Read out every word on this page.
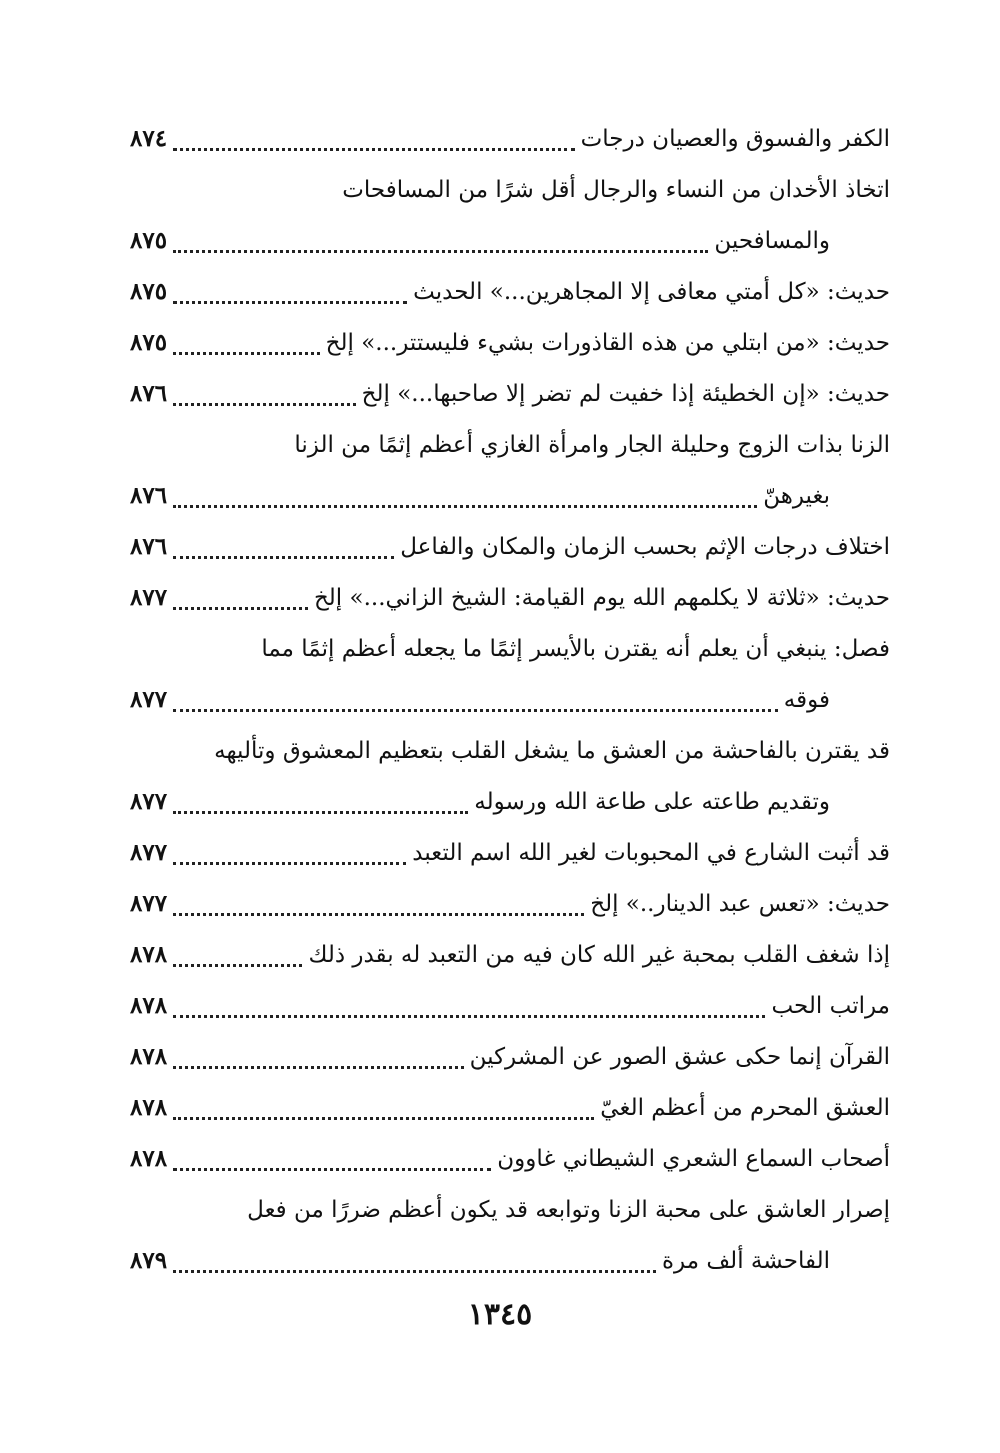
الكفر والفسوق والعصيان درجات
٨٧٤
اتخاذ الأخدان من النساء والرجال أقل شرًا من المسافحات
والمسافحين
٨٧٥
حديث: «كل أمتي معافى إلا المجاهرين...» الحديث
٨٧٥
حديث: «من ابتلي من هذه القاذورات بشيء فليستتر...» إلخ
٨٧٥
حديث: «إن الخطيئة إذا خفيت لم تضر إلا صاحبها...» إلخ
٨٧٦
الزنا بذات الزوج وحليلة الجار وامرأة الغازي أعظم إثمًا من الزنا
بغيرهنّ
٨٧٦
اختلاف درجات الإثم بحسب الزمان والمكان والفاعل
٨٧٦
حديث: «ثلاثة لا يكلمهم الله يوم القيامة: الشيخ الزاني...» إلخ
٨٧٧
فصل: ينبغي أن يعلم أنه يقترن بالأيسر إثمًا ما يجعله أعظم إثمًا مما
فوقه
٨٧٧
قد يقترن بالفاحشة من العشق ما يشغل القلب بتعظيم المعشوق وتأليهه
وتقديم طاعته على طاعة الله ورسوله
٨٧٧
قد أثبت الشارع في المحبوبات لغير الله اسم التعبد
٨٧٧
حديث: «تعس عبد الدينار..» إلخ
٨٧٧
إذا شغف القلب بمحبة غير الله كان فيه من التعبد له بقدر ذلك
٨٧٨
مراتب الحب
٨٧٨
القرآن إنما حكى عشق الصور عن المشركين
٨٧٨
العشق المحرم من أعظم الغيّ
٨٧٨
أصحاب السماع الشعري الشيطاني غاوون
٨٧٨
إصرار العاشق على محبة الزنا وتوابعه قد يكون أعظم ضررًا من فعل
الفاحشة ألف مرة
٨٧٩
١٣٤٥
